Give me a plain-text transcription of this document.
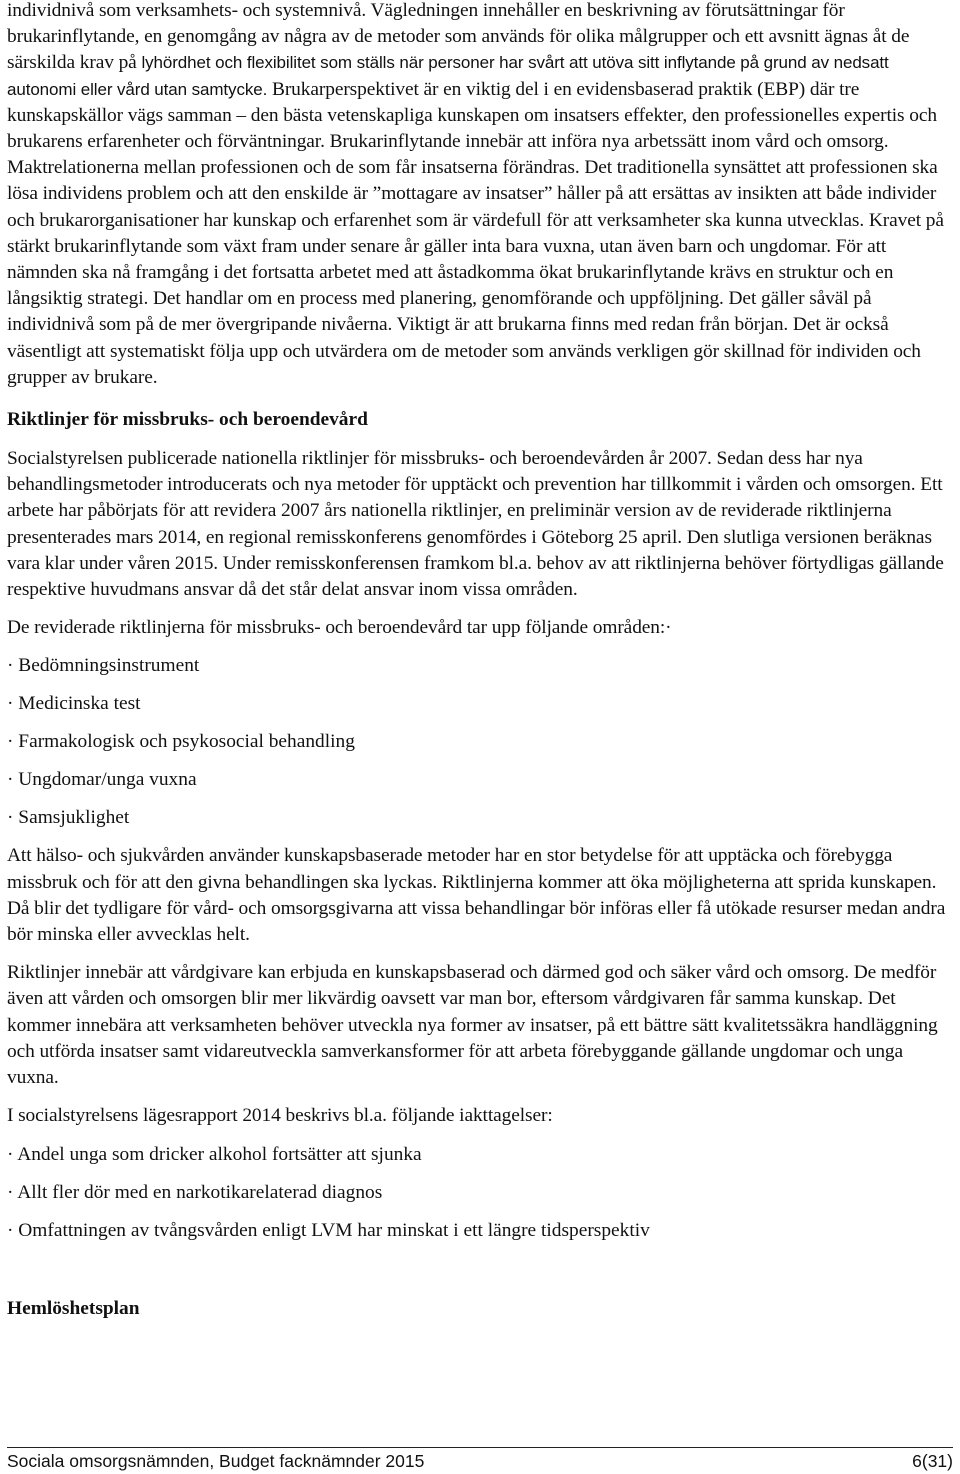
individnivå som verksamhets- och systemnivå. Vägledningen innehåller en beskrivning av förutsättningar för brukarinflytande, en genomgång av några av de metoder som används för olika målgrupper och ett avsnitt ägnas åt de särskilda krav på lyhördhet och flexibilitet som ställs när personer har svårt att utöva sitt inflytande på grund av nedsatt autonomi eller vård utan samtycke. Brukarperspektivet är en viktig del i en evidensbaserad praktik (EBP) där tre kunskapskällor vägs samman – den bästa vetenskapliga kunskapen om insatsers effekter, den professionelles expertis och brukarens erfarenheter och förväntningar. Brukarinflytande innebär att införa nya arbetssätt inom vård och omsorg. Maktrelationerna mellan professionen och de som får insatserna förändras. Det traditionella synsättet att professionen ska lösa individens problem och att den enskilde är ”mottagare av insatser” håller på att ersättas av insikten att både individer och brukarorganisationer har kunskap och erfarenhet som är värdefull för att verksamheter ska kunna utvecklas. Kravet på stärkt brukarinflytande som växt fram under senare år gäller inta bara vuxna, utan även barn och ungdomar. För att nämnden ska nå framgång i det fortsatta arbetet med att åstadkomma ökat brukarinflytande krävs en struktur och en långsiktig strategi. Det handlar om en process med planering, genomförande och uppföljning. Det gäller såväl på individnivå som på de mer övergripande nivåerna. Viktigt är att brukarna finns med redan från början. Det är också väsentligt att systematiskt följa upp och utvärdera om de metoder som används verkligen gör skillnad för individen och grupper av brukare.

Riktlinjer för missbruks- och beroendevård

Socialstyrelsen publicerade nationella riktlinjer för missbruks- och beroendevården år 2007. Sedan dess har nya behandlingsmetoder introducerats och nya metoder för upptäckt och prevention har tillkommit i vården och omsorgen. Ett arbete har påbörjats för att revidera 2007 års nationella riktlinjer, en preliminär version av de reviderade riktlinjerna presenterades mars 2014, en regional remisskonferens genomfördes i Göteborg 25 april. Den slutliga versionen beräknas vara klar under våren 2015. Under remisskonferensen framkom bl.a. behov av att riktlinjerna behöver förtydligas gällande respektive huvudmans ansvar då det står delat ansvar inom vissa områden.

De reviderade riktlinjerna för missbruks- och beroendevård tar upp följande områden:·

· Bedömningsinstrument
· Medicinska test
· Farmakologisk och psykosocial behandling
· Ungdomar/unga vuxna
· Samsjuklighet

Att hälso- och sjukvården använder kunskapsbaserade metoder har en stor betydelse för att upptäcka och förebygga missbruk och för att den givna behandlingen ska lyckas. Riktlinjerna kommer att öka möjligheterna att sprida kunskapen. Då blir det tydligare för vård- och omsorgsgivarna att vissa behandlingar bör införas eller få utökade resurser medan andra bör minska eller avvecklas helt.

Riktlinjer innebär att vårdgivare kan erbjuda en kunskapsbaserad och därmed god och säker vård och omsorg. De medför även att vården och omsorgen blir mer likvärdig oavsett var man bor, eftersom vårdgivaren får samma kunskap. Det kommer innebära att verksamheten behöver utveckla nya former av insatser, på ett bättre sätt kvalitetssäkra handläggning och utförda insatser samt vidareutveckla samverkansformer för att arbeta förebyggande gällande ungdomar och unga vuxna.

I socialstyrelsens lägesrapport 2014 beskrivs bl.a. följande iakttagelser:

· Andel unga som dricker alkohol fortsätter att sjunka
· Allt fler dör med en narkotikarelaterad diagnos
· Omfattningen av tvångsvården enligt LVM har minskat i ett längre tidsperspektiv
Hemlöshetsplan
Sociala omsorgsnämnden, Budget facknämnder 2015	6(31)
